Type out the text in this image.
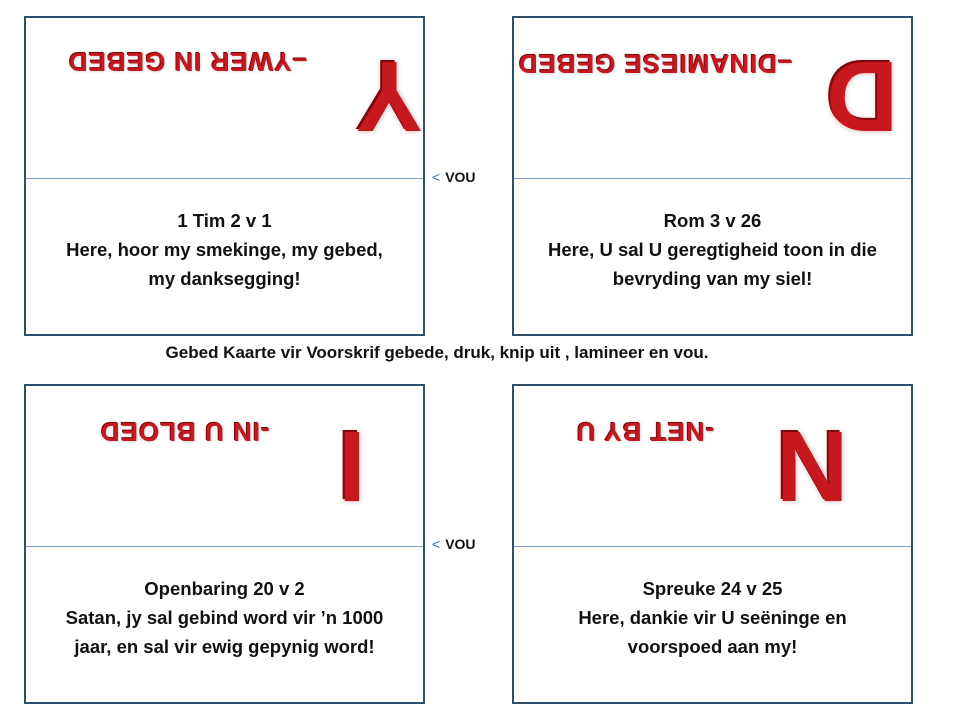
Y
–YWER IN GEBED
1 Tim 2 v 1
Here, hoor my smekinge, my gebed,
my danksegging!
D
–DINAMIESE GEBED
Rom 3 v 26
Here, U sal U geregtigheid toon in die
bevryding van my siel!
< VOU
Gebed Kaarte vir Voorskrif gebede, druk, knip uit , lamineer en vou.
I
-IN U BLOED
Openbaring 20 v 2
Satan, jy sal gebind word vir ’n 1000
jaar, en sal vir ewig gepynig word!
N
-NET BY U
Spreuke 24 v 25
Here, dankie vir U seëninge en
voorspoed aan my!
< VOU
